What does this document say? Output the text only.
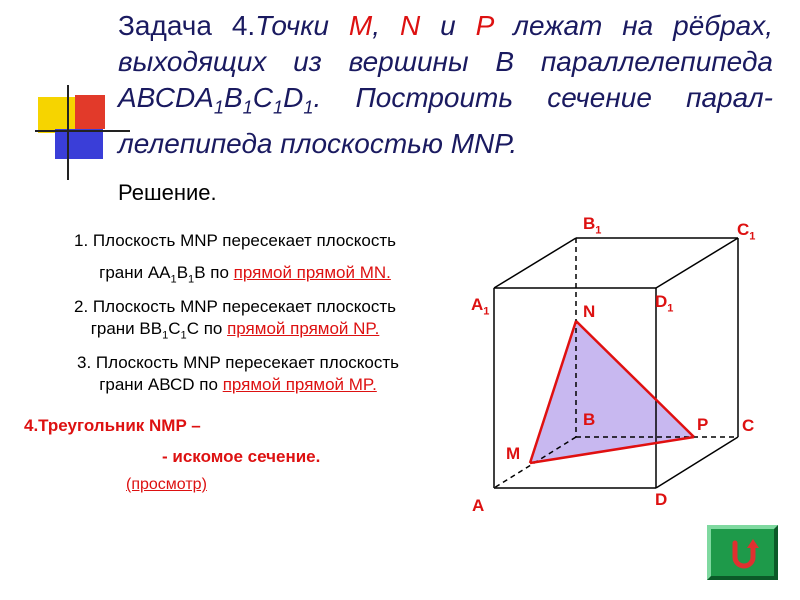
Задача 4.Точки M, N и P лежат на рёбрах, выходящих из вершины В параллелепипеда $АВСDA_1B_1C_1D_1$. Построить сечение парал-лелепипеда плоскостью MNP.
Решение.
1. Плоскость MNP пересекает плоскость
грани $АА_1В_1В$ по прямой прямой MN.
2. Плоскость MNP пересекает плоскость
грани $ВВ_1С_1С$ по прямой прямой NP.
3. Плоскость MNP пересекает плоскость
грани АВСD по прямой прямой MP.
4.Треугольник NMP –
- искомое сечение.
(просмотр)
$B_1$	$C_1$
$A_1$
$D_1$
N
B	P C
M
А	D
